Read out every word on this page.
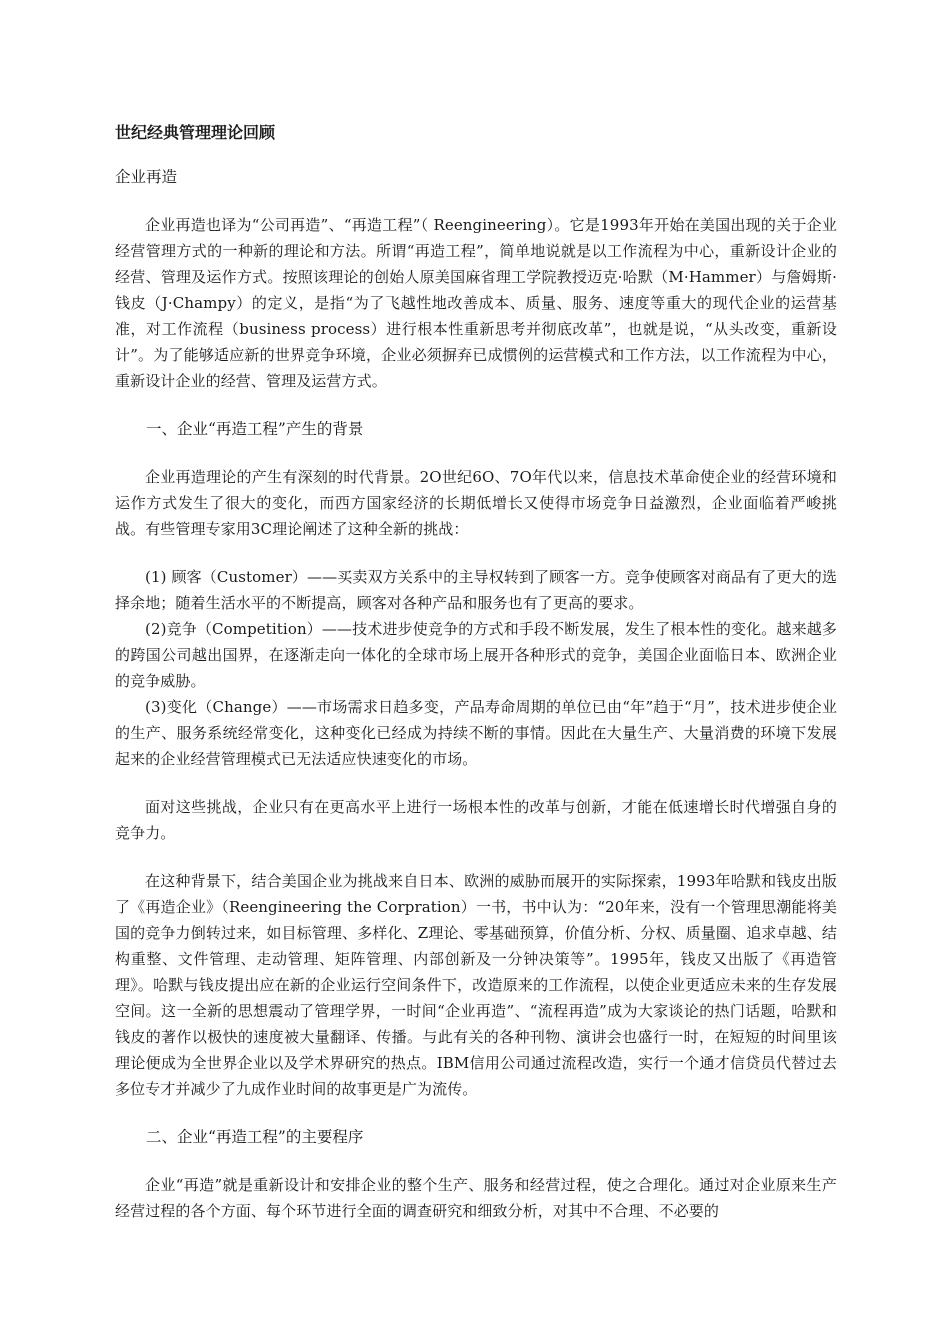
世纪经典管理理论回顾
企业再造

企业再造也译为“公司再造”、“再造工程”（ Reengineering）。它是1993年开始在美国出现的关于企业经营管理方式的一种新的理论和方法。所谓“再造工程”，简单地说就是以工作流程为中心，重新设计企业的经营、管理及运作方式。按照该理论的创始人原美国麻省理工学院教授迈克·哈默（M·Hammer）与詹姆斯·钱皮（J·Champy）的定义，是指“为了飞越性地改善成本、质量、服务、速度等重大的现代企业的运营基准，对工作流程（business process）进行根本性重新思考并彻底改革”，也就是说，“从头改变，重新设计”。为了能够适应新的世界竞争环境，企业必须摒弃已成惯例的运营模式和工作方法，以工作流程为中心，重新设计企业的经营、管理及运营方式。

一、企业“再造工程”产生的背景

企业再造理论的产生有深刻的时代背景。2O世纪6O、7O年代以来，信息技术革命使企业的经营环境和运作方式发生了很大的变化，而西方国家经济的长期低增长又使得市场竞争日益激烈，企业面临着严峻挑战。有些管理专家用3C理论阐述了这种全新的挑战：

(1) 顾客（Customer）——买卖双方关系中的主导权转到了顾客一方。竞争使顾客对商品有了更大的选择余地；随着生活水平的不断提高，顾客对各种产品和服务也有了更高的要求。

(2)竞争（Competition）——技术进步使竞争的方式和手段不断发展，发生了根本性的变化。越来越多的跨国公司越出国界，在逐渐走向一体化的全球市场上展开各种形式的竞争，美国企业面临日本、欧洲企业的竞争威胁。

(3)变化（Change）——市场需求日趋多变，产品寿命周期的单位已由“年”趋于“月”，技术进步使企业的生产、服务系统经常变化，这种变化已经成为持续不断的事情。因此在大量生产、大量消费的环境下发展起来的企业经营管理模式已无法适应快速变化的市场。

面对这些挑战，企业只有在更高水平上进行一场根本性的改革与创新，才能在低速增长时代增强自身的竞争力。

在这种背景下，结合美国企业为挑战来自日本、欧洲的威胁而展开的实际探索，1993年哈默和钱皮出版了《再造企业》（Reengineering the Corpration）一书，书中认为：“20年来，没有一个管理思潮能将美国的竞争力倒转过来，如目标管理、多样化、Z理论、零基础预算，价值分析、分权、质量圈、追求卓越、结构重整、文件管理、走动管理、矩阵管理、内部创新及一分钟决策等”。1995年，钱皮又出版了《再造管理》。哈默与钱皮提出应在新的企业运行空间条件下，改造原来的工作流程，以使企业更适应未来的生存发展空间。这一全新的思想震动了管理学界，一时间“企业再造”、“流程再造”成为大家谈论的热门话题，哈默和钱皮的著作以极快的速度被大量翻译、传播。与此有关的各种刊物、演讲会也盛行一时，在短短的时间里该理论便成为全世界企业以及学术界研究的热点。IBM信用公司通过流程改造，实行一个通才信贷员代替过去多位专才并减少了九成作业时间的故事更是广为流传。

二、企业“再造工程”的主要程序

企业“再造”就是重新设计和安排企业的整个生产、服务和经营过程，使之合理化。通过对企业原来生产经营过程的各个方面、每个环节进行全面的调查研究和细致分析，对其中不合理、不必要的
